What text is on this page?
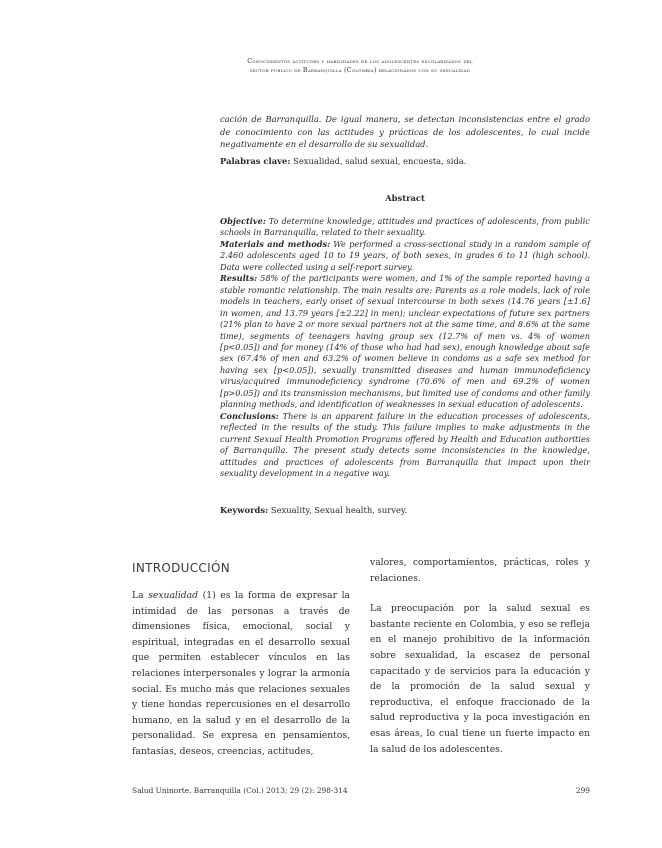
Conocimientos actitudes y habilidades de los adolescentes escolarizados del
sector público de Barranquilla (Colombia) relacionados con su sexualidad
cación de Barranquilla. De igual manera, se detectan inconsistencias entre el grado de conocimiento con las actitudes y prácticas de los adolescentes, lo cual incide negativamente en el desarrollo de su sexualidad.
Palabras clave: Sexualidad, salud sexual, encuesta, sida.
Abstract

Objective: To determine knowledge, attitudes and practices of adolescents, from public schools in Barranquilla, related to their sexuality.

Materials and methods: We performed a cross-sectional study in a random sample of 2.460 adolescents aged 10 to 19 years, of both sexes, in grades 6 to 11 (high school). Data were collected using a self-report survey.

Results: 58% of the participants were women, and 1% of the sample reported having a stable romantic relationship. The main results are: Parents as a role models, lack of role models in teachers, early onset of sexual intercourse in both sexes (14.76 years [±1.6] in women, and 13.79 years [±2.22] in men); unclear expectations of future sex partners (21% plan to have 2 or more sexual partners not at the same time, and 8.6% at the same time), segments of teenagers having group sex (12.7% of men vs. 4% of women [p<0.05]) and for money (14% of those who had had sex), enough knowledge about safe sex (67.4% of men and 63.2% of women believe in condoms as a safe sex method for having sex [p<0.05]), sexually transmitted diseases and human immunodeficiency virus/acquired immunodeficiency syndrome (70.6% of men and 69.2% of women [p>0.05]) and its transmission mechanisms, but limited use of condoms and other family planning methods, and identification of weaknesses in sexual education of adolescents.

Conclusions: There is an apparent failure in the education processes of adolescents, reflected in the results of the study. This failure implies to make adjustments in the current Sexual Health Promotion Programs offered by Health and Education authorities of Barranquilla. The present study detects some inconsistencies in the knowledge, attitudes and practices of adolescents from Barranquilla that impact upon their sexuality development in a negative way.

Keywords: Sexuality, Sexual health, survey.
INTRODUCCIÓN

La sexualidad (1) es la forma de expresar la intimidad de las personas a través de dimensiones física, emocional, social y espiritual, integradas en el desarrollo sexual que permiten establecer vínculos en las relaciones interpersonales y lograr la armonía social. Es mucho más que relaciones sexuales y tiene hondas repercusiones en el desarrollo humano, en la salud y en el desarrollo de la personalidad. Se expresa en pensamientos, fantasías, deseos, creencias, actitudes,

valores, comportamientos, prácticas, roles y relaciones.

La preocupación por la salud sexual es bastante reciente en Colombia, y eso se refleja en el manejo prohibitivo de la información sobre sexualidad, la escasez de personal capacitado y de servicios para la educación y de la promoción de la salud sexual y reproductiva, el enfoque fraccionado de la salud reproductiva y la poca investigación en esas áreas, lo cual tiene un fuerte impacto en la salud de los adolescentes.

Salud Uninorte. Barranquilla (Col.) 2013; 29 (2): 298-314	299
